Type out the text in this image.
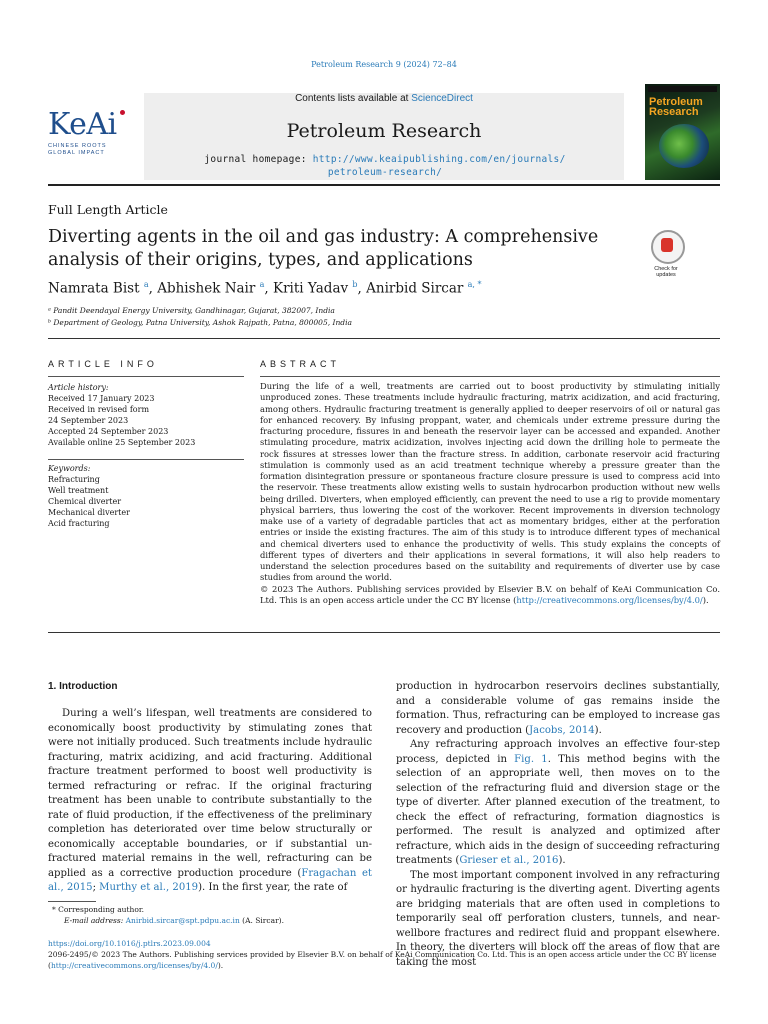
Petroleum Research 9 (2024) 72–84
KeAi
CHINESE ROOTS
GLOBAL IMPACT
Contents lists available at ScienceDirect
Petroleum Research
journal homepage: http://www.keaipublishing.com/en/journals/
petroleum-research/
Petroleum
Research
Full Length Article
Diverting agents in the oil and gas industry: A comprehensive analysis of their origins, types, and applications	Check for updates
Namrata Bist $^a$, Abhishek Nair $^a$, Kriti Yadav $^b$, Anirbid Sircar $^{a, *}$
ᵃ Pandit Deendayal Energy University, Gandhinagar, Gujarat, 382007, India
ᵇ Department of Geology, Patna University, Ashok Rajpath, Patna, 800005, India
ARTICLE INFO
Article history:
Received 17 January 2023
Received in revised form
24 September 2023
Accepted 24 September 2023
Available online 25 September 2023
Keywords:
Refracturing
Well treatment
Chemical diverter
Mechanical diverter
Acid fracturing
ABSTRACT
During the life of a well, treatments are carried out to boost productivity by stimulating initially unproduced zones. These treatments include hydraulic fracturing, matrix acidization, and acid fracturing, among others. Hydraulic fracturing treatment is generally applied to deeper reservoirs of oil or natural gas for enhanced recovery. By infusing proppant, water, and chemicals under extreme pressure during the fracturing procedure, fissures in and beneath the reservoir layer can be accessed and expanded. Another stimulating procedure, matrix acidization, involves injecting acid down the drilling hole to permeate the rock fissures at stresses lower than the fracture stress. In addition, carbonate reservoir acid fracturing stimulation is commonly used as an acid treatment technique whereby a pressure greater than the formation disintegration pressure or spontaneous fracture closure pressure is used to compress acid into the reservoir. These treatments allow existing wells to sustain hydrocarbon production without new wells being drilled. Diverters, when employed efficiently, can prevent the need to use a rig to provide momentary physical barriers, thus lowering the cost of the workover. Recent improvements in diversion technology make use of a variety of degradable particles that act as momentary bridges, either at the perforation entries or inside the existing fractures. The aim of this study is to introduce different types of mechanical and chemical diverters used to enhance the productivity of wells. This study explains the concepts of different types of diverters and their applications in several formations, it will also help readers to understand the selection procedures based on the suitability and requirements of diverter use by case studies from around the world.
© 2023 The Authors. Publishing services provided by Elsevier B.V. on behalf of KeAi Communication Co. Ltd. This is an open access article under the CC BY license (http://creativecommons.org/licenses/by/4.0/).
1. Introduction

During a well’s lifespan, well treatments are considered to economically boost productivity by stimulating zones that were not initially produced. Such treatments include hydraulic fracturing, matrix acidizing, and acid fracturing. Additional fracture treatment performed to boost well productivity is termed refracturing or refrac. If the original fracturing treatment has been unable to contribute substantially to the rate of fluid production, if the effectiveness of the preliminary completion has deteriorated over time below structurally or economically acceptable boundaries, or if substantial un-fractured material remains in the well, refracturing can be applied as a corrective production procedure (Fragachan et al., 2015; Murthy et al., 2019). In the first year, the rate of

production in hydrocarbon reservoirs declines substantially, and a considerable volume of gas remains inside the formation. Thus, refracturing can be employed to increase gas recovery and production (Jacobs, 2014).

Any refracturing approach involves an effective four-step process, depicted in Fig. 1. This method begins with the selection of an appropriate well, then moves on to the selection of the refracturing fluid and diversion stage or the type of diverter. After planned execution of the treatment, to check the effect of refracturing, formation diagnostics is performed. The result is analyzed and optimized after refracture, which aids in the design of succeeding refracturing treatments (Grieser et al., 2016).

The most important component involved in any refracturing or hydraulic fracturing is the diverting agent. Diverting agents are bridging materials that are often used in completions to temporarily seal off perforation clusters, tunnels, and near-wellbore fractures and redirect fluid and proppant elsewhere. In theory, the diverters will block off the areas of flow that are taking the most

* Corresponding author.
E-mail address: Anirbid.sircar@spt.pdpu.ac.in (A. Sircar).
https://doi.org/10.1016/j.ptlrs.2023.09.004
2096-2495/© 2023 The Authors. Publishing services provided by Elsevier B.V. on behalf of KeAi Communication Co. Ltd. This is an open access article under the CC BY license
(http://creativecommons.org/licenses/by/4.0/).
